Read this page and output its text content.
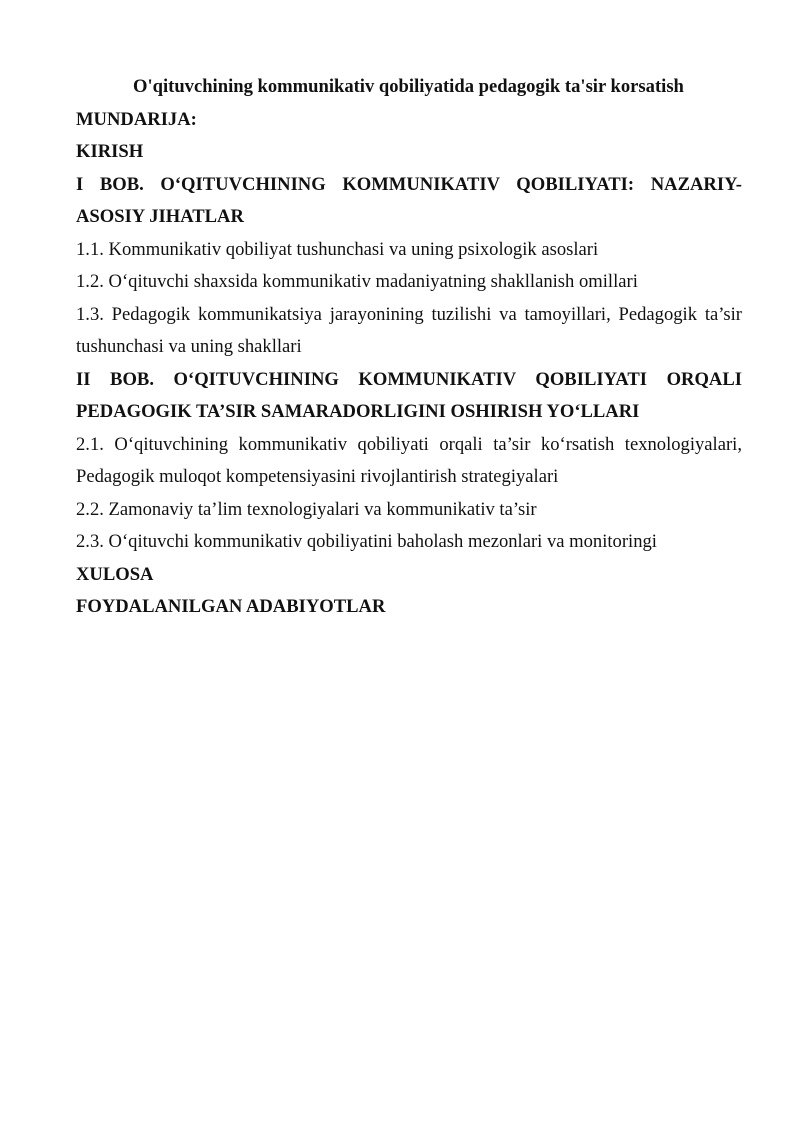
O'qituvchining kommunikativ qobiliyatida pedagogik ta'sir korsatish

MUNDARIJA:

KIRISH

I BOB. O‘QITUVCHINING KOMMUNIKATIV QOBILIYATI: NAZARIY-
ASOSIY JIHATLAR

1.1. Kommunikativ qobiliyat tushunchasi va uning psixologik asoslari

1.2. O‘qituvchi shaxsida kommunikativ madaniyatning shakllanish omillari

1.3. Pedagogik kommunikatsiya jarayonining tuzilishi va tamoyillari, Pedagogik ta’sir
tushunchasi va uning shakllari

II BOB. O‘QITUVCHINING KOMMUNIKATIV QOBILIYATI ORQALI
PEDAGOGIK TA’SIR SAMARADORLIGINI OSHIRISH YO‘LLARI

2.1. O‘qituvchining kommunikativ qobiliyati orqali ta’sir ko‘rsatish texnologiyalari,
Pedagogik muloqot kompetensiyasini rivojlantirish strategiyalari

2.2. Zamonaviy ta’lim texnologiyalari va kommunikativ ta’sir

2.3. O‘qituvchi kommunikativ qobiliyatini baholash mezonlari va monitoringi

XULOSA

FOYDALANILGAN ADABIYOTLAR
